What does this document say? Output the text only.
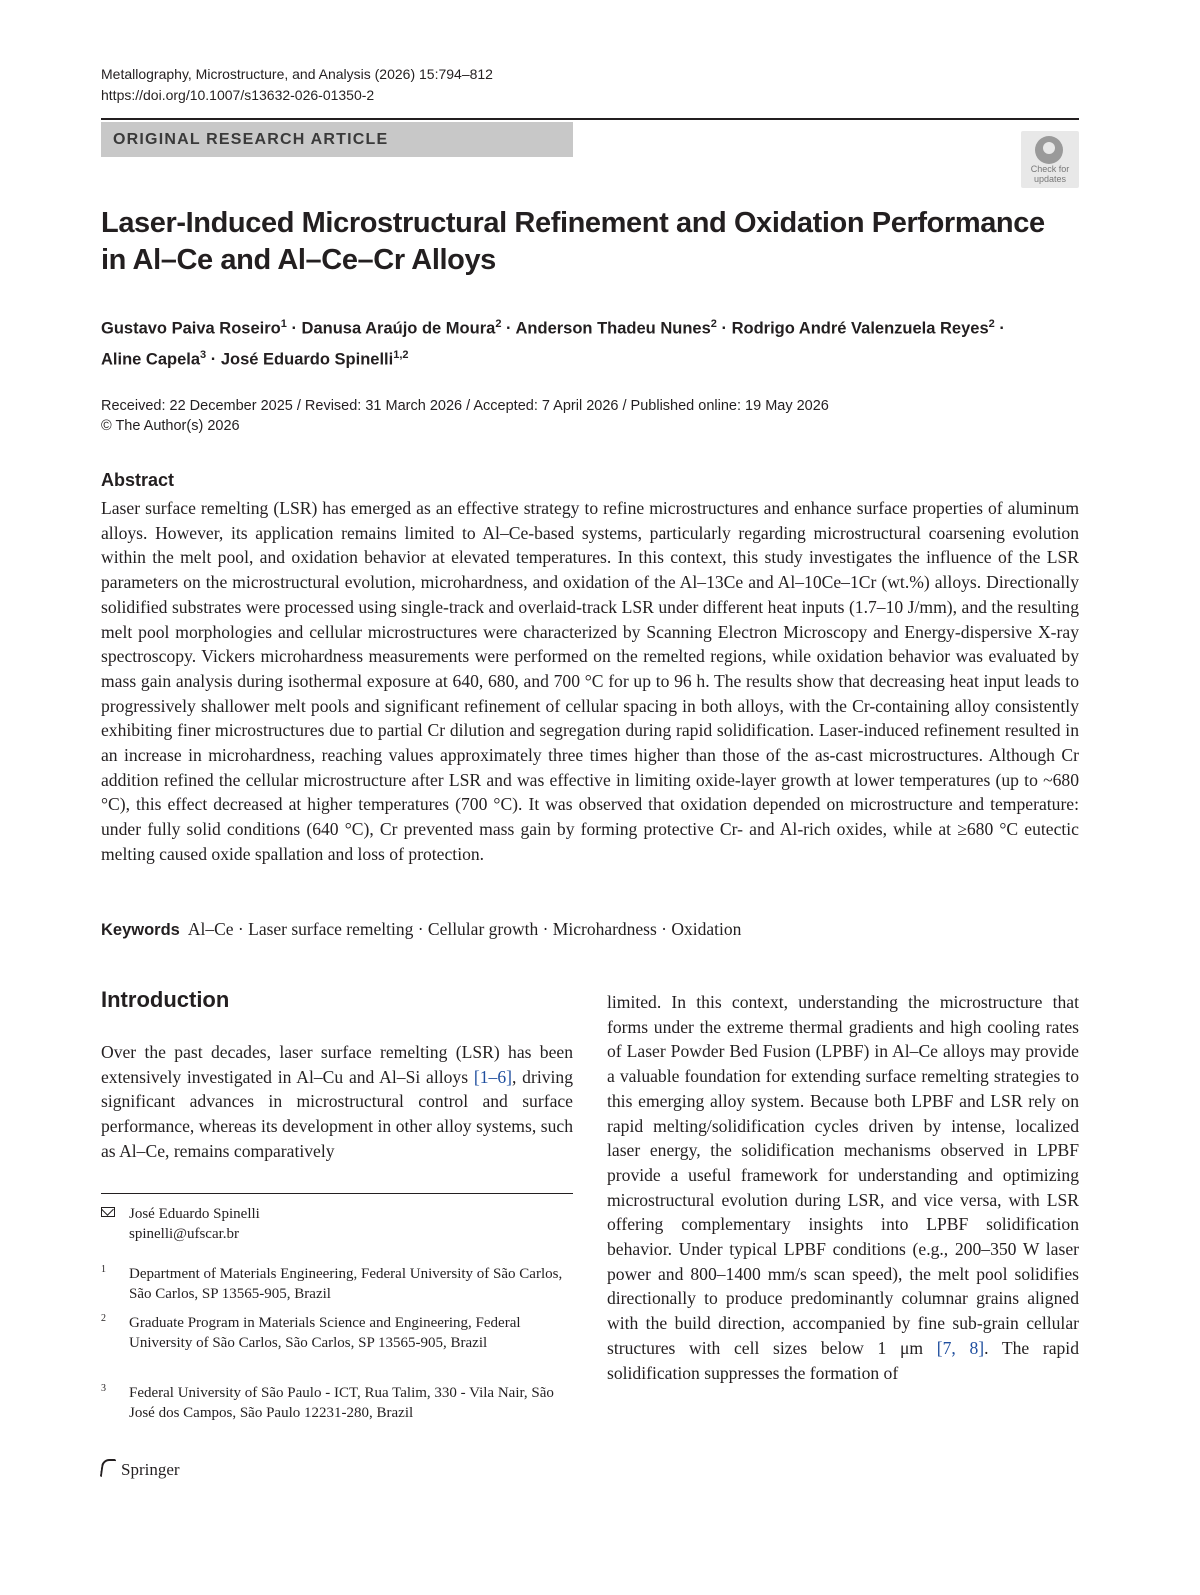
Metallography, Microstructure, and Analysis (2026) 15:794–812
https://doi.org/10.1007/s13632-026-01350-2
ORIGINAL RESEARCH ARTICLE
Check for updates
Laser-Induced Microstructural Refinement and Oxidation Performance
in Al–Ce and Al–Ce–Cr Alloys
Gustavo Paiva Roseiro$^1$ · Danusa Araújo de Moura$^2$ · Anderson Thadeu Nunes$^2$ · Rodrigo André Valenzuela Reyes$^2$ ·
Aline Capela$^3$ · José Eduardo Spinelli$^{1,2}$
Received: 22 December 2025 / Revised: 31 March 2026 / Accepted: 7 April 2026 / Published online: 19 May 2026
© The Author(s) 2026
Abstract
Laser surface remelting (LSR) has emerged as an effective strategy to refine microstructures and enhance surface properties of aluminum alloys. However, its application remains limited to Al–Ce-based systems, particularly regarding microstructural coarsening evolution within the melt pool, and oxidation behavior at elevated temperatures. In this context, this study investigates the influence of the LSR parameters on the microstructural evolution, microhardness, and oxidation of the Al–13Ce and Al–10Ce–1Cr (wt.%) alloys. Directionally solidified substrates were processed using single-track and overlaid-track LSR under different heat inputs (1.7–10 J/mm), and the resulting melt pool morphologies and cellular microstructures were characterized by Scanning Electron Microscopy and Energy-dispersive X-ray spectroscopy. Vickers microhardness measurements were performed on the remelted regions, while oxidation behavior was evaluated by mass gain analysis during isothermal exposure at 640, 680, and 700 °C for up to 96 h. The results show that decreasing heat input leads to progressively shallower melt pools and significant refinement of cellular spacing in both alloys, with the Cr-containing alloy consistently exhibiting finer microstructures due to partial Cr dilution and segregation during rapid solidification. Laser-induced refinement resulted in an increase in microhardness, reaching values approximately three times higher than those of the as-cast microstructures. Although Cr addition refined the cellular microstructure after LSR and was effective in limiting oxide-layer growth at lower temperatures (up to ~680 °C), this effect decreased at higher temperatures (700 °C). It was observed that oxidation depended on microstructure and temperature: under fully solid conditions (640 °C), Cr prevented mass gain by forming protective Cr- and Al-rich oxides, while at ≥680 °C eutectic melting caused oxide spallation and loss of protection.
Keywords Al–Ce · Laser surface remelting · Cellular growth · Microhardness · Oxidation
Introduction
Over the past decades, laser surface remelting (LSR) has been extensively investigated in Al–Cu and Al–Si alloys [1–6], driving significant advances in microstructural control and surface performance, whereas its development in other alloy systems, such as Al–Ce, remains comparatively
limited. In this context, understanding the microstructure that forms under the extreme thermal gradients and high cooling rates of Laser Powder Bed Fusion (LPBF) in Al–Ce alloys may provide a valuable foundation for extending surface remelting strategies to this emerging alloy system. Because both LPBF and LSR rely on rapid melting/solidification cycles driven by intense, localized laser energy, the solidification mechanisms observed in LPBF provide a useful framework for understanding and optimizing microstructural evolution during LSR, and vice versa, with LSR offering complementary insights into LPBF solidification behavior. Under typical LPBF conditions (e.g., 200–350 W laser power and 800–1400 mm/s scan speed), the melt pool solidifies directionally to produce predominantly columnar grains aligned with the build direction, accompanied by fine sub-grain cellular structures with cell sizes below 1 μm [7, 8]. The rapid solidification suppresses the formation of
José Eduardo Spinelli
spinelli@ufscar.br
1 Department of Materials Engineering, Federal University of São Carlos, São Carlos, SP 13565-905, Brazil
2 Graduate Program in Materials Science and Engineering, Federal University of São Carlos, São Carlos, SP 13565-905, Brazil
3 Federal University of São Paulo - ICT, Rua Talim, 330 - Vila Nair, São José dos Campos, São Paulo 12231-280, Brazil
Springer
